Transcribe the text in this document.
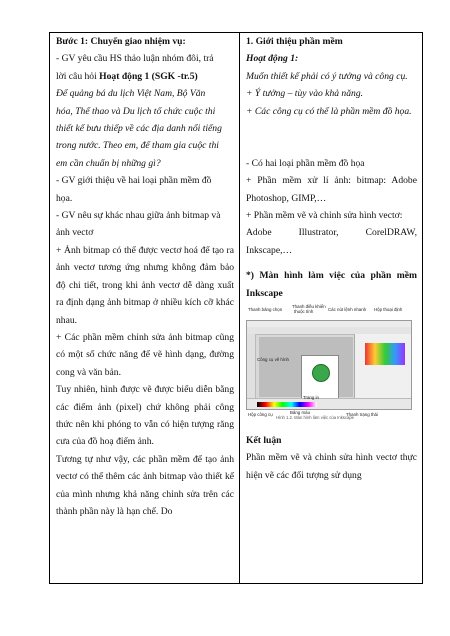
Bước 1: Chuyển giao nhiệm vụ:

- GV yêu cầu HS thảo luận nhóm đôi, trả

lời câu hỏi Hoạt động 1 (SGK -tr.5)

Để quảng bá du lịch Việt Nam, Bộ Văn

hóa, Thể thao và Du lịch tổ chức cuộc thi

thiết kế bưu thiếp về các địa danh nổi tiếng

trong nước. Theo em, để tham gia cuộc thi

em cần chuẩn bị những gì?

- GV giới thiệu về hai loại phần mềm đồ

họa.

- GV nêu sự khác nhau giữa ảnh bitmap và

ảnh vectơ

+ Ảnh bitmap có thể được vectơ hoá để tạo ra ảnh vectơ tương ứng nhưng không đảm bảo độ chi tiết, trong khi ảnh vectơ dễ dàng xuất ra định dạng ảnh bitmap ở nhiều kích cỡ khác nhau.

+ Các phần mềm chỉnh sửa ảnh bitmap cũng có một số chức năng để vẽ hình dạng, đường cong và văn bản.

Tuy nhiên, hình được vẽ được biểu diễn bằng các điểm ảnh (pixel) chứ không phải công thức nên khi phóng to vẫn có hiện tượng răng cưa của đồ hoạ điểm ảnh.

Tương tự như vậy, các phần mềm để tạo ảnh vectơ có thể thêm các ảnh bitmap vào thiết kế của mình nhưng khả năng chỉnh sửa trên các thành phần này là hạn chế. Do

1. Giới thiệu phần mềm

Hoạt động 1:

Muốn thiết kế phải có ý tưởng và công cụ.

+ Ý tưởng – tùy vào khả năng.

+ Các công cụ có thể là phần mềm đồ họa.

- Có hai loại phần mềm đồ họa

+ Phần mềm xử lí ảnh: bitmap: Adobe Photoshop, GIMP,…

+ Phần mềm vẽ và chỉnh sửa hình vectơ:

Adobe	Illustrator,	CorelDRAW,

Inkscape,…

*) Màn hình làm việc của phần mềm Inkscape

Thanh bảng chọn
Thanh điều khiển
thuộc tính	Các nút lệnh nhanh Hộp thoại định
Công cụ vẽ hình
Trang in
Hộp công cụ	Bảng màu	Thanh trạng thái
Hình 1.2. Màn hình làm việc của Inkscape

Kết luận

Phần mềm vẽ và chỉnh sửa hình vectơ thực hiện vẽ các đối tượng sử dụng
